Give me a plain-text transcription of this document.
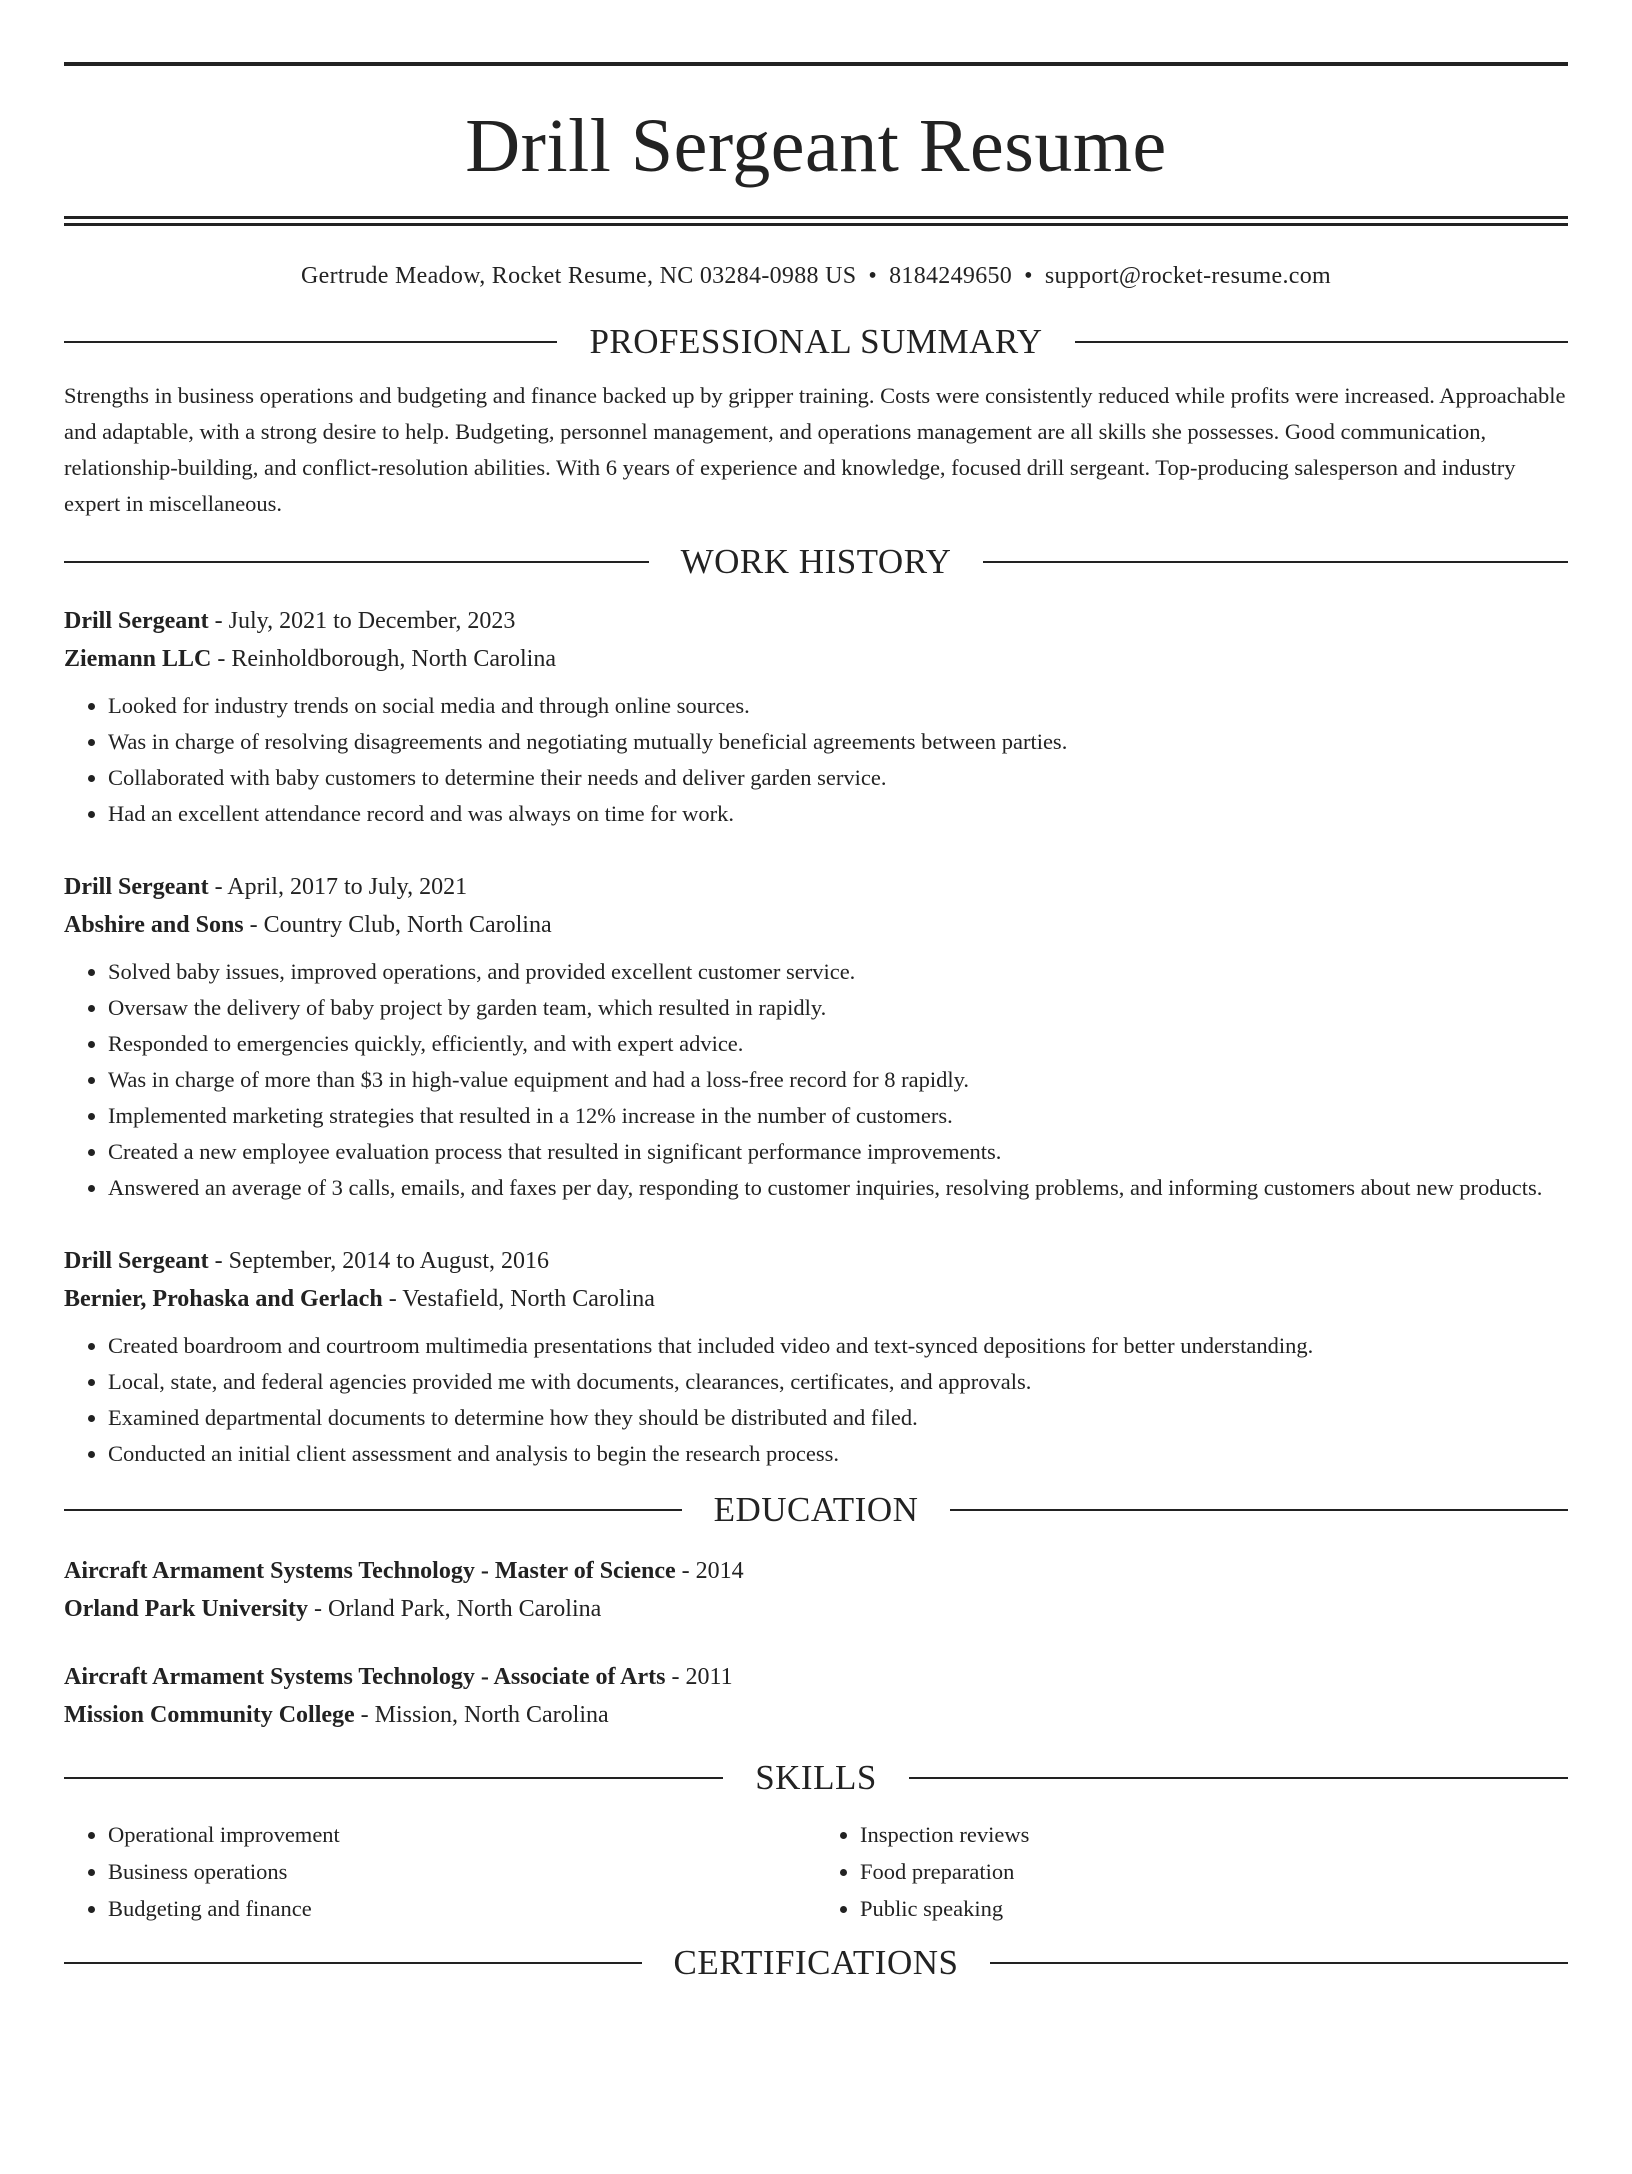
Drill Sergeant Resume
Gertrude Meadow, Rocket Resume, NC 03284-0988 US • 8184249650 • support@rocket-resume.com
PROFESSIONAL SUMMARY

Strengths in business operations and budgeting and finance backed up by gripper training. Costs were consistently reduced while profits were increased. Approachable and adaptable, with a strong desire to help. Budgeting, personnel management, and operations management are all skills she possesses. Good communication, relationship-building, and conflict-resolution abilities. With 6 years of experience and knowledge, focused drill sergeant. Top-producing salesperson and industry expert in miscellaneous.

WORK HISTORY
Drill Sergeant - July, 2021 to December, 2023
Ziemann LLC - Reinholdborough, North Carolina
• Looked for industry trends on social media and through online sources.
• Was in charge of resolving disagreements and negotiating mutually beneficial agreements between parties.
• Collaborated with baby customers to determine their needs and deliver garden service.
• Had an excellent attendance record and was always on time for work.
Drill Sergeant - April, 2017 to July, 2021
Abshire and Sons - Country Club, North Carolina
• Solved baby issues, improved operations, and provided excellent customer service.
• Oversaw the delivery of baby project by garden team, which resulted in rapidly.
• Responded to emergencies quickly, efficiently, and with expert advice.
• Was in charge of more than $3 in high-value equipment and had a loss-free record for 8 rapidly.
• Implemented marketing strategies that resulted in a 12% increase in the number of customers.
• Created a new employee evaluation process that resulted in significant performance improvements.
• Answered an average of 3 calls, emails, and faxes per day, responding to customer inquiries, resolving problems, and informing customers about new products.
Drill Sergeant - September, 2014 to August, 2016
Bernier, Prohaska and Gerlach - Vestafield, North Carolina
• Created boardroom and courtroom multimedia presentations that included video and text-synced depositions for better understanding.
• Local, state, and federal agencies provided me with documents, clearances, certificates, and approvals.
• Examined departmental documents to determine how they should be distributed and filed.
• Conducted an initial client assessment and analysis to begin the research process.
EDUCATION
Aircraft Armament Systems Technology - Master of Science - 2014
Orland Park University - Orland Park, North Carolina
Aircraft Armament Systems Technology - Associate of Arts - 2011
Mission Community College - Mission, North Carolina
SKILLS
• Operational improvement
• Business operations
• Budgeting and finance
• Inspection reviews
• Food preparation
• Public speaking
CERTIFICATIONS
